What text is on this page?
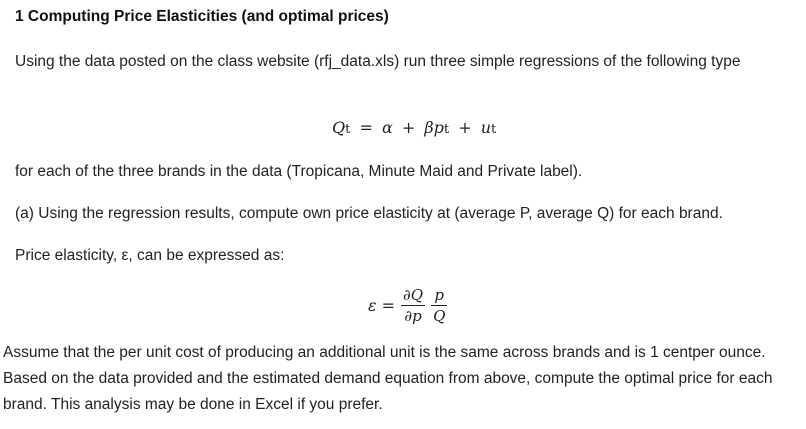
1 Computing Price Elasticities (and optimal prices)
Using the data posted on the class website (rfj_data.xls) run three simple regressions of the following type
Qt = α + βpt + ut
for each of the three brands in the data (Tropicana, Minute Maid and Private label).
(a) Using the regression results, compute own price elasticity at (average P, average Q) for each brand.
Price elasticity, ε, can be expressed as:
$\varepsilon = \frac{\partial Q}{\partial p} \frac{p}{Q}$
Assume that the per unit cost of producing an additional unit is the same across brands and is 1 centper ounce. Based on the data provided and the estimated demand equation from above, compute the optimal price for each brand. This analysis may be done in Excel if you prefer.
